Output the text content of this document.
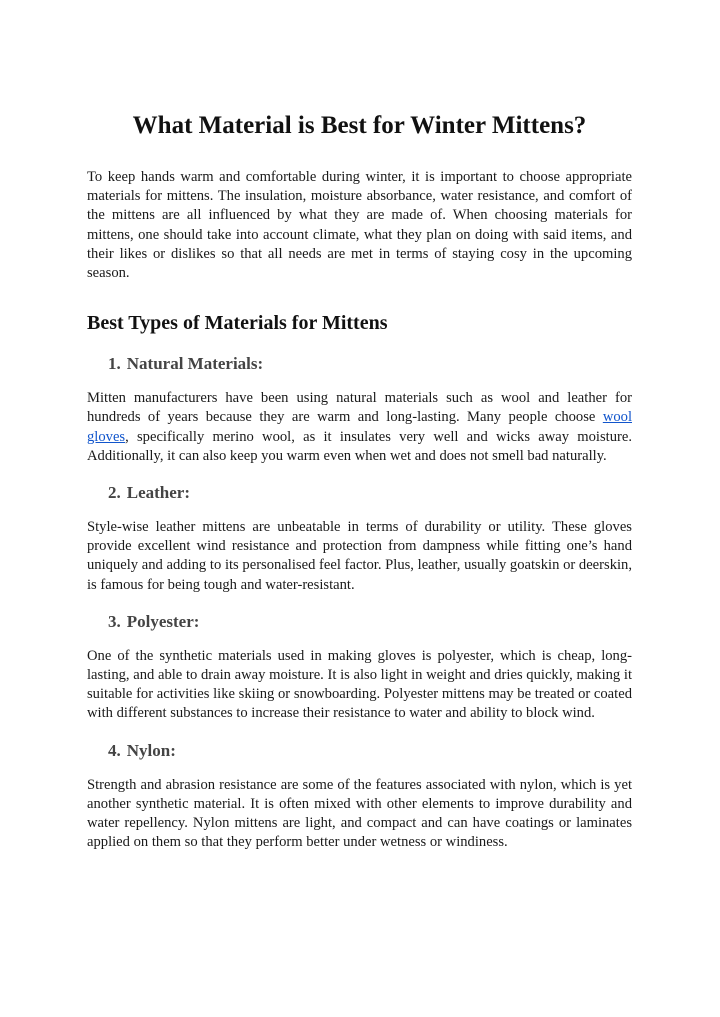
What Material is Best for Winter Mittens?

To keep hands warm and comfortable during winter, it is important to choose appropriate materials for mittens. The insulation, moisture absorbance, water resistance, and comfort of the mittens are all influenced by what they are made of. When choosing materials for mittens, one should take into account climate, what they plan on doing with said items, and their likes or dislikes so that all needs are met in terms of staying cosy in the upcoming season.

Best Types of Materials for Mittens
1. Natural Materials:

Mitten manufacturers have been using natural materials such as wool and leather for hundreds of years because they are warm and long-lasting. Many people choose wool gloves, specifically merino wool, as it insulates very well and wicks away moisture. Additionally, it can also keep you warm even when wet and does not smell bad naturally.

2. Leather:

Style-wise leather mittens are unbeatable in terms of durability or utility. These gloves provide excellent wind resistance and protection from dampness while fitting one’s hand uniquely and adding to its personalised feel factor. Plus, leather, usually goatskin or deerskin, is famous for being tough and water-resistant.

3. Polyester:

One of the synthetic materials used in making gloves is polyester, which is cheap, long-lasting, and able to drain away moisture. It is also light in weight and dries quickly, making it suitable for activities like skiing or snowboarding. Polyester mittens may be treated or coated with different substances to increase their resistance to water and ability to block wind.

4. Nylon:

Strength and abrasion resistance are some of the features associated with nylon, which is yet another synthetic material. It is often mixed with other elements to improve durability and water repellency. Nylon mittens are light, and compact and can have coatings or laminates applied on them so that they perform better under wetness or windiness.
